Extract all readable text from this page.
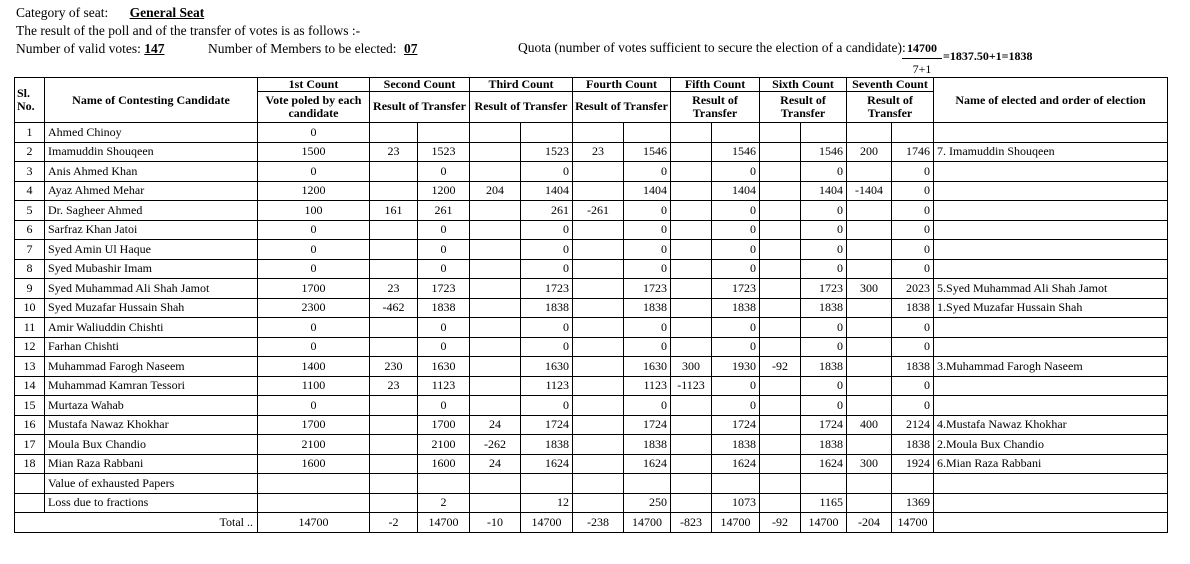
Category of seat: General Seat
The result of the poll and of the transfer of votes is as follows :-
Number of valid votes: 147	Number of Members to be elected: 07	Quota (number of votes sufficient to secure the election of a candidate):
$\frac{14700}{7+1} =1837.50+1=1838$
Sl. No.	Name of Contesting Candidate	1st Count	Second Count		Third Count		Fourth Count		Fifth Count		Sixth Count		Seventh Count		Name of elected and order of election
		Vote poled by each candidate	Result of Transfer		Result of Transfer		Result of Transfer		Result of Transfer		Result of Transfer		Result of Transfer		
1	Ahmed Chinoy	0													
2	Imamuddin Shouqeen	1500	23	1523		1523	23	1546		1546		1546	200	1746	7. Imamuddin Shouqeen
3	Anis Ahmed Khan	0		0		0		0		0		0		0	
4	Ayaz Ahmed Mehar	1200		1200	204	1404		1404		1404		1404	-1404	0	
5	Dr. Sagheer Ahmed	100	161	261		261	-261	0		0		0		0	
6	Sarfraz Khan Jatoi	0		0		0		0		0		0		0	
7	Syed Amin Ul Haque	0		0		0		0		0		0		0	
8	Syed Mubashir Imam	0		0		0		0		0		0		0	
9	Syed Muhammad Ali Shah Jamot	1700	23	1723		1723		1723		1723		1723	300	2023	5.Syed Muhammad Ali Shah Jamot
10	Syed Muzafar Hussain Shah	2300	-462	1838		1838		1838		1838		1838		1838	1.Syed Muzafar Hussain Shah
11	Amir Waliuddin Chishti	0		0		0		0		0		0		0	
12	Farhan Chishti	0		0		0		0		0		0		0	
13	Muhammad Farogh Naseem	1400	230	1630		1630		1630	300	1930	-92	1838		1838	3.Muhammad Farogh Naseem
14	Muhammad Kamran Tessori	1100	23	1123		1123		1123	-1123	0		0		0	
15	Murtaza Wahab	0		0		0		0		0		0		0	
16	Mustafa Nawaz Khokhar	1700		1700	24	1724		1724		1724		1724	400	2124	4.Mustafa Nawaz Khokhar
17	Moula Bux Chandio	2100		2100	-262	1838		1838		1838		1838		1838	2.Moula Bux Chandio
18	Mian Raza Rabbani	1600		1600	24	1624		1624		1624		1624	300	1924	6.Mian Raza Rabbani
	Value of exhausted Papers														
	Loss due to fractions			2		12		250		1073		1165		1369	
Total ..		14700	-2	14700	-10	14700	-238	14700	-823	14700	-92	14700	-204	14700	
